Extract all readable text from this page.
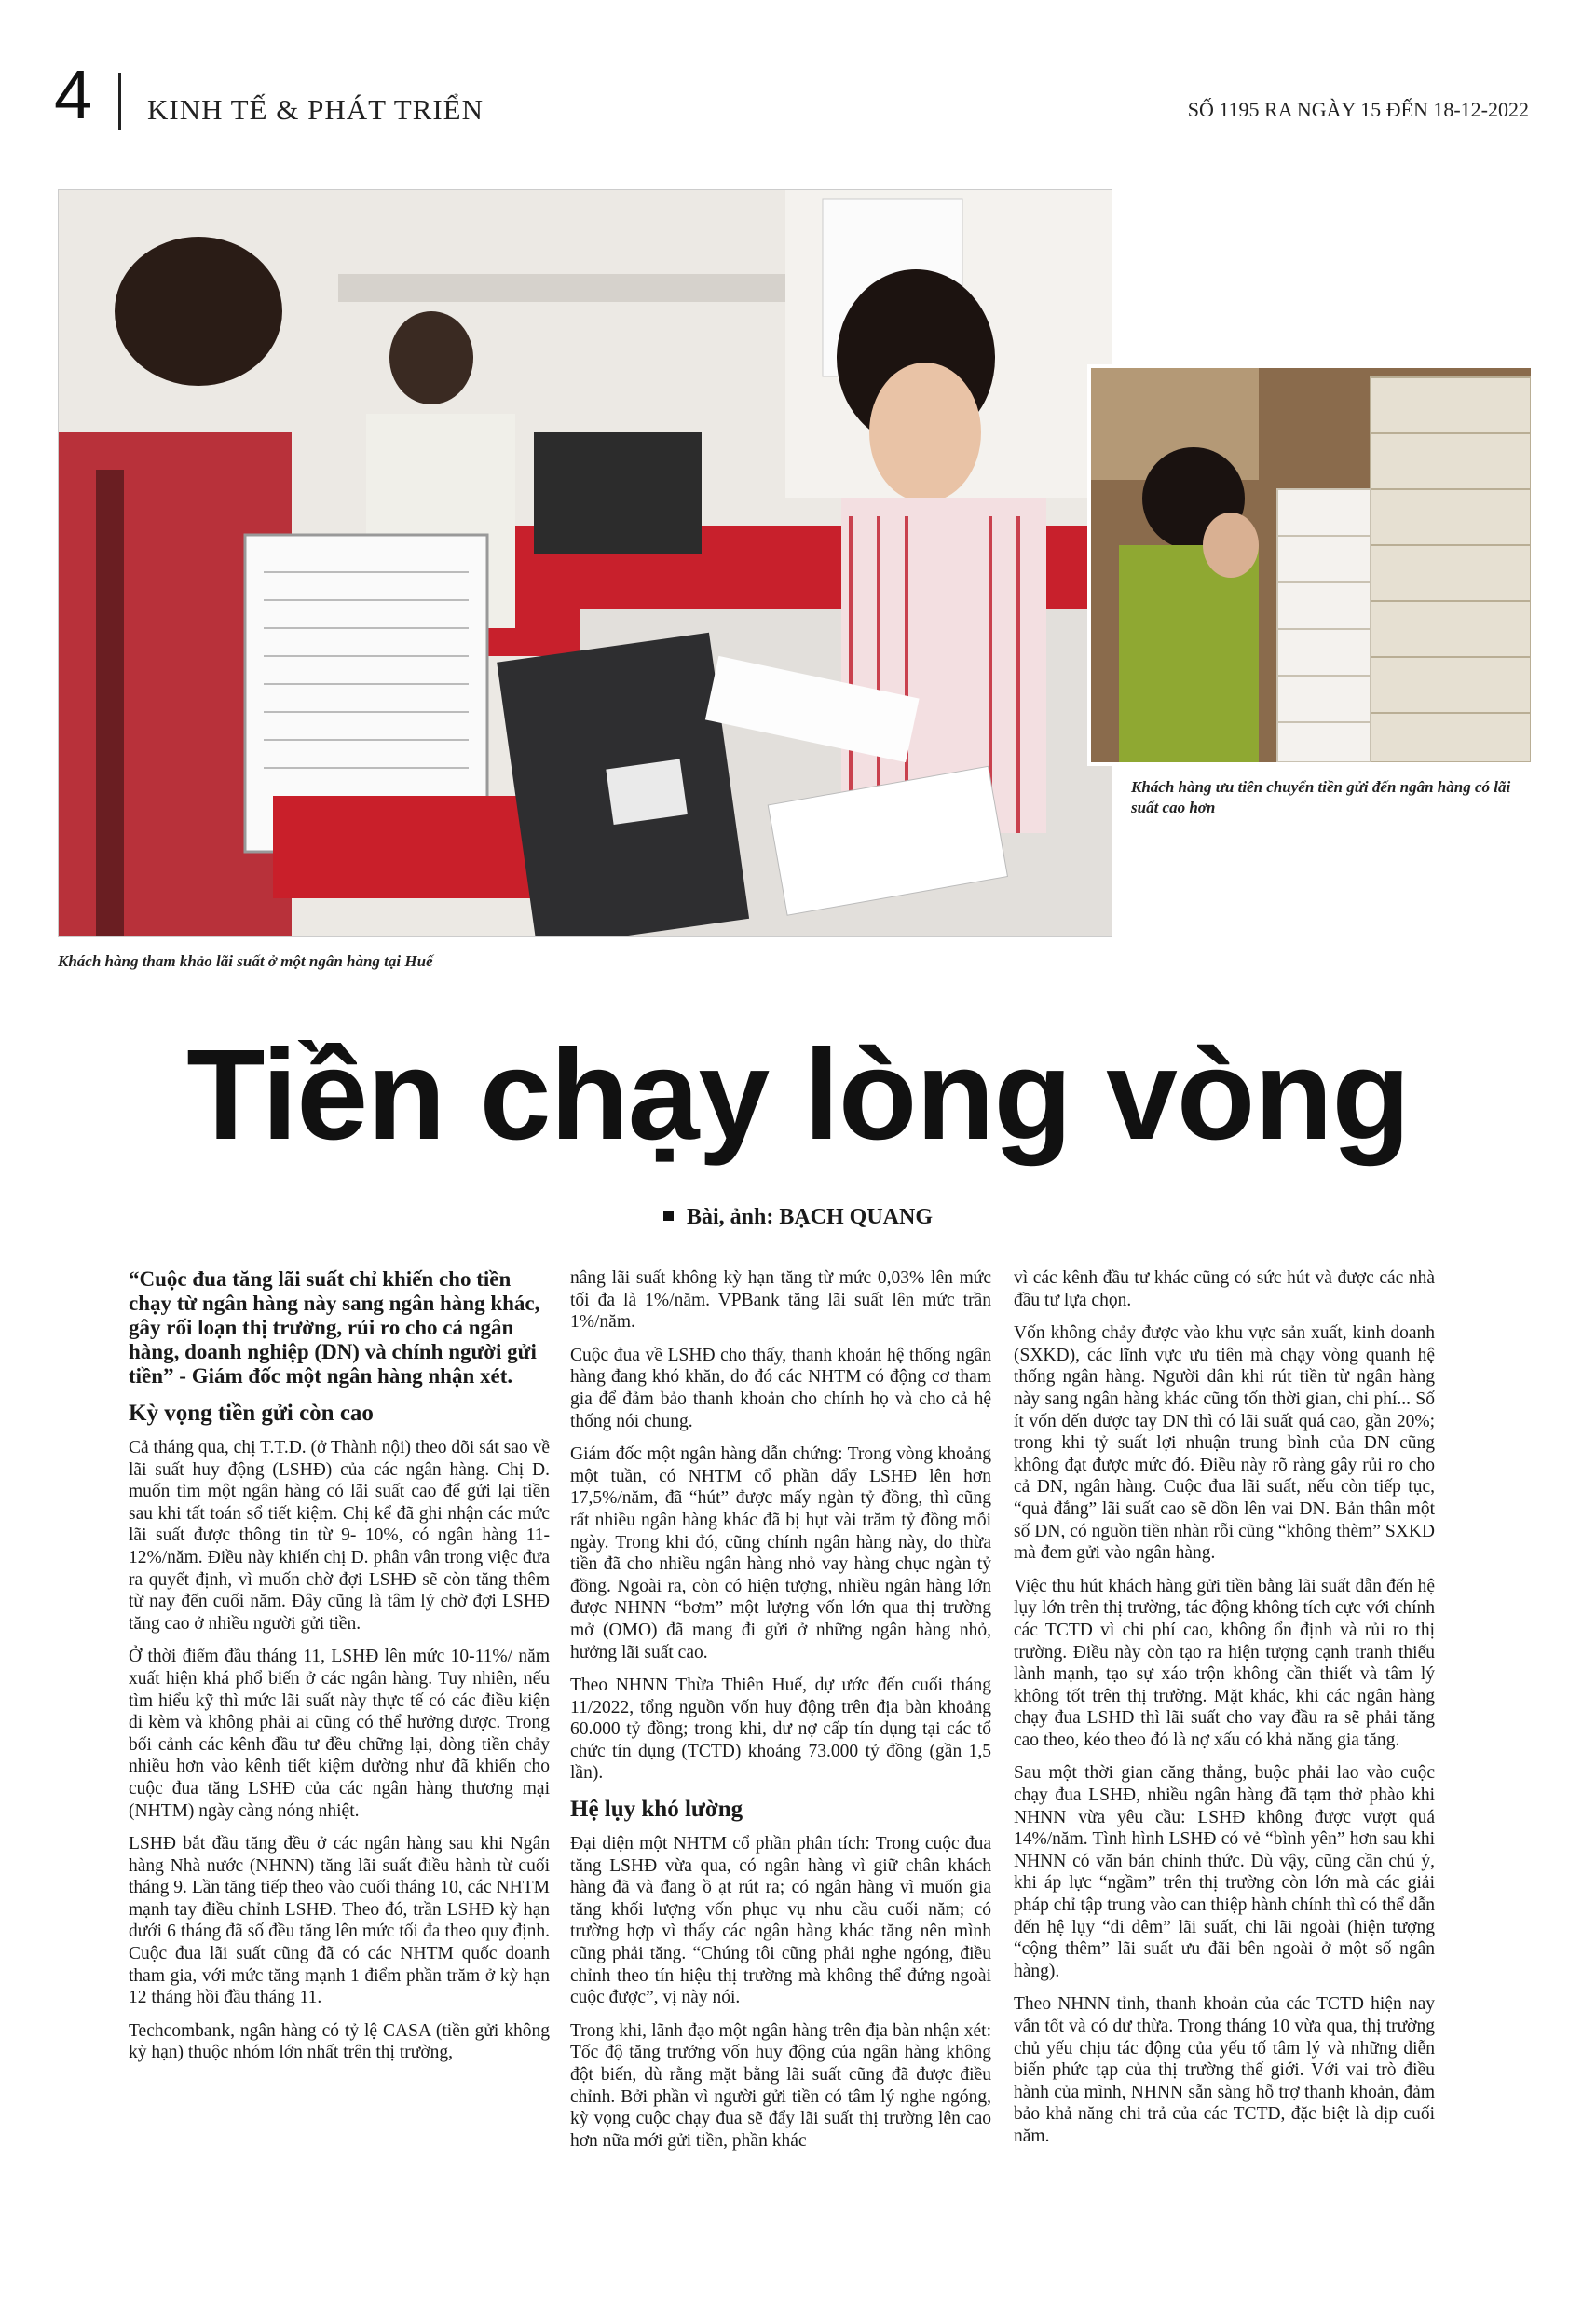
4 KINH TẾ & PHÁT TRIỂN	SỐ 1195 RA NGÀY 15 ĐẾN 18-12-2022
Khách hàng tham khảo lãi suất ở một ngân hàng tại Huế
Khách hàng ưu tiên chuyển tiền gửi đến ngân hàng có lãi suất cao hơn
Tiền chạy lòng vòng
Bài, ảnh: BẠCH QUANG

“Cuộc đua tăng lãi suất chỉ khiến cho tiền chạy từ ngân hàng này sang ngân hàng khác, gây rối loạn thị trường, rủi ro cho cả ngân hàng, doanh nghiệp (DN) và chính người gửi tiền” - Giám đốc một ngân hàng nhận xét.

Kỳ vọng tiền gửi còn cao

Cả tháng qua, chị T.T.D. (ở Thành nội) theo dõi sát sao về lãi suất huy động (LSHĐ) của các ngân hàng. Chị D. muốn tìm một ngân hàng có lãi suất cao để gửi lại tiền sau khi tất toán sổ tiết kiệm. Chị kể đã ghi nhận các mức lãi suất được thông tin từ 9- 10%, có ngân hàng 11-12%/năm. Điều này khiến chị D. phân vân trong việc đưa ra quyết định, vì muốn chờ đợi LSHĐ sẽ còn tăng thêm từ nay đến cuối năm. Đây cũng là tâm lý chờ đợi LSHĐ tăng cao ở nhiều người gửi tiền.

Ở thời điểm đầu tháng 11, LSHĐ lên mức 10-11%/ năm xuất hiện khá phổ biến ở các ngân hàng. Tuy nhiên, nếu tìm hiểu kỹ thì mức lãi suất này thực tế có các điều kiện đi kèm và không phải ai cũng có thể hưởng được. Trong bối cảnh các kênh đầu tư đều chững lại, dòng tiền chảy nhiều hơn vào kênh tiết kiệm dường như đã khiến cho cuộc đua tăng LSHĐ của các ngân hàng thương mại (NHTM) ngày càng nóng nhiệt.

LSHĐ bắt đầu tăng đều ở các ngân hàng sau khi Ngân hàng Nhà nước (NHNN) tăng lãi suất điều hành từ cuối tháng 9. Lần tăng tiếp theo vào cuối tháng 10, các NHTM mạnh tay điều chỉnh LSHĐ. Theo đó, trần LSHĐ kỳ hạn dưới 6 tháng đã số đều tăng lên mức tối đa theo quy định. Cuộc đua lãi suất cũng đã có các NHTM quốc doanh tham gia, với mức tăng mạnh 1 điểm phần trăm ở kỳ hạn 12 tháng hồi đầu tháng 11.

Techcombank, ngân hàng có tỷ lệ CASA (tiền gửi không kỳ hạn) thuộc nhóm lớn nhất trên thị trường,

nâng lãi suất không kỳ hạn tăng từ mức 0,03% lên mức tối đa là 1%/năm. VPBank tăng lãi suất lên mức trần 1%/năm.

Cuộc đua về LSHĐ cho thấy, thanh khoản hệ thống ngân hàng đang khó khăn, do đó các NHTM có động cơ tham gia để đảm bảo thanh khoản cho chính họ và cho cả hệ thống nói chung.

Giám đốc một ngân hàng dẫn chứng: Trong vòng khoảng một tuần, có NHTM cổ phần đẩy LSHĐ lên hơn 17,5%/năm, đã “hút” được mấy ngàn tỷ đồng, thì cũng rất nhiều ngân hàng khác đã bị hụt vài trăm tỷ đồng mỗi ngày. Trong khi đó, cũng chính ngân hàng này, do thừa tiền đã cho nhiều ngân hàng nhỏ vay hàng chục ngàn tỷ đồng. Ngoài ra, còn có hiện tượng, nhiều ngân hàng lớn được NHNN “bơm” một lượng vốn lớn qua thị trường mở (OMO) đã mang đi gửi ở những ngân hàng nhỏ, hưởng lãi suất cao.

Theo NHNN Thừa Thiên Huế, dự ước đến cuối tháng 11/2022, tổng nguồn vốn huy động trên địa bàn khoảng 60.000 tỷ đồng; trong khi, dư nợ cấp tín dụng tại các tổ chức tín dụng (TCTD) khoảng 73.000 tỷ đồng (gần 1,5 lần).

Hệ lụy khó lường

Đại diện một NHTM cổ phần phân tích: Trong cuộc đua tăng LSHĐ vừa qua, có ngân hàng vì giữ chân khách hàng đã và đang ồ ạt rút ra; có ngân hàng vì muốn gia tăng khối lượng vốn phục vụ nhu cầu cuối năm; có trường hợp vì thấy các ngân hàng khác tăng nên mình cũng phải tăng. “Chúng tôi cũng phải nghe ngóng, điều chỉnh theo tín hiệu thị trường mà không thể đứng ngoài cuộc được”, vị này nói.

Trong khi, lãnh đạo một ngân hàng trên địa bàn nhận xét: Tốc độ tăng trưởng vốn huy động của ngân hàng không đột biến, dù rằng mặt bằng lãi suất cũng đã được điều chỉnh. Bởi phần vì người gửi tiền có tâm lý nghe ngóng, kỳ vọng cuộc chạy đua sẽ đẩy lãi suất thị trường lên cao hơn nữa mới gửi tiền, phần khác

vì các kênh đầu tư khác cũng có sức hút và được các nhà đầu tư lựa chọn.

Vốn không chảy được vào khu vực sản xuất, kinh doanh (SXKD), các lĩnh vực ưu tiên mà chạy vòng quanh hệ thống ngân hàng. Người dân khi rút tiền từ ngân hàng này sang ngân hàng khác cũng tốn thời gian, chi phí... Số ít vốn đến được tay DN thì có lãi suất quá cao, gần 20%; trong khi tỷ suất lợi nhuận trung bình của DN cũng không đạt được mức đó. Điều này rõ ràng gây rủi ro cho cả DN, ngân hàng. Cuộc đua lãi suất, nếu còn tiếp tục, “quả đắng” lãi suất cao sẽ dồn lên vai DN. Bản thân một số DN, có nguồn tiền nhàn rỗi cũng “không thèm” SXKD mà đem gửi vào ngân hàng.

Việc thu hút khách hàng gửi tiền bằng lãi suất dẫn đến hệ lụy lớn trên thị trường, tác động không tích cực với chính các TCTD vì chi phí cao, không ổn định và rủi ro thị trường. Điều này còn tạo ra hiện tượng cạnh tranh thiếu lành mạnh, tạo sự xáo trộn không cần thiết và tâm lý không tốt trên thị trường. Mặt khác, khi các ngân hàng chạy đua LSHĐ thì lãi suất cho vay đầu ra sẽ phải tăng cao theo, kéo theo đó là nợ xấu có khả năng gia tăng.

Sau một thời gian căng thẳng, buộc phải lao vào cuộc chạy đua LSHĐ, nhiều ngân hàng đã tạm thở phào khi NHNN vừa yêu cầu: LSHĐ không được vượt quá 14%/năm. Tình hình LSHĐ có vẻ “bình yên” hơn sau khi NHNN có văn bản chính thức. Dù vậy, cũng cần chú ý, khi áp lực “ngầm” trên thị trường còn lớn mà các giải pháp chỉ tập trung vào can thiệp hành chính thì có thể dẫn đến hệ lụy “đi đêm” lãi suất, chi lãi ngoài (hiện tượng “cộng thêm” lãi suất ưu đãi bên ngoài ở một số ngân hàng).

Theo NHNN tỉnh, thanh khoản của các TCTD hiện nay vẫn tốt và có dư thừa. Trong tháng 10 vừa qua, thị trường chủ yếu chịu tác động của yếu tố tâm lý và những diễn biến phức tạp của thị trường thế giới. Với vai trò điều hành của mình, NHNN sẵn sàng hỗ trợ thanh khoản, đảm bảo khả năng chi trả của các TCTD, đặc biệt là dịp cuối năm.
